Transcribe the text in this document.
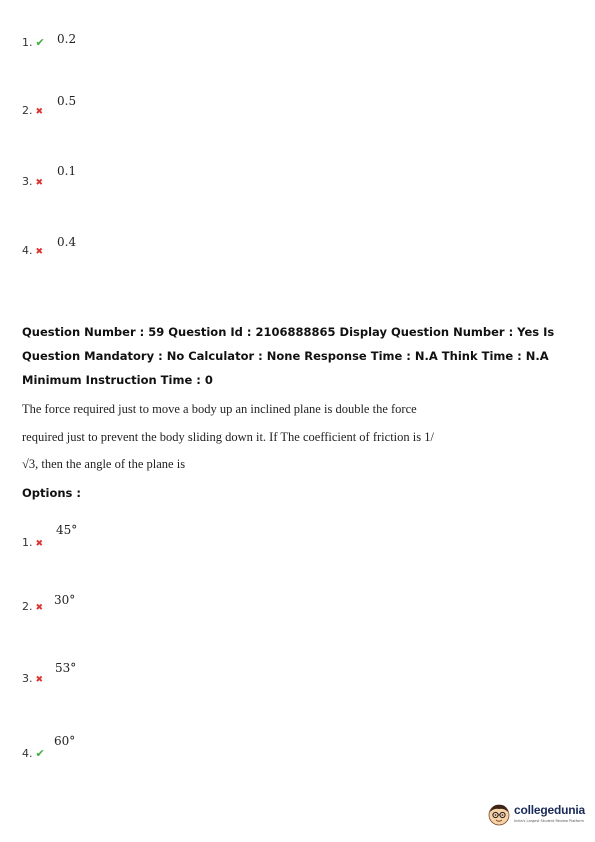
1. ✔ 0.2
2. ✖
0.5
3. ✖
0.1
4. ✖
0.4
Question Number : 59 Question Id : 2106888865 Display Question Number : Yes Is Question Mandatory : No Calculator : None Response Time : N.A Think Time : N.A Minimum Instruction Time : 0
The force required just to move a body up an inclined plane is double the force required just to prevent the body sliding down it. If The coefficient of friction is 1/√3, then the angle of the plane is
Options :
1. ✖
45°
2. ✖
30°
3. ✖
53°
4. ✔
60°
collegedunia
India's Largest Student Review Platform
